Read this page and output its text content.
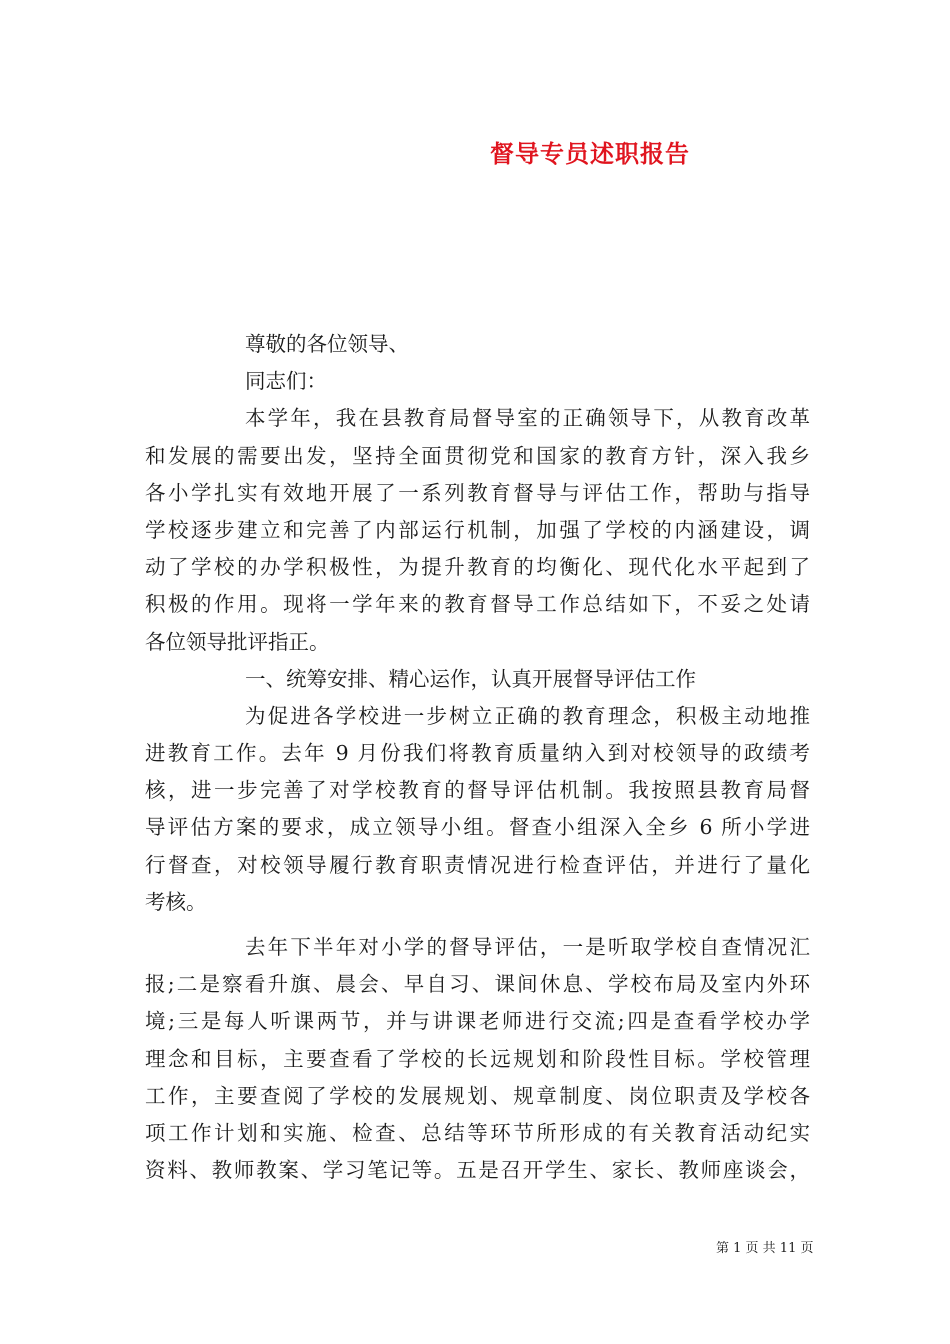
督导专员述职报告
尊敬的各位领导、
同志们：
本学年，我在县教育局督导室的正确领导下，从教育改革
和发展的需要出发，坚持全面贯彻党和国家的教育方针，深入我乡
各小学扎实有效地开展了一系列教育督导与评估工作，帮助与指导
学校逐步建立和完善了内部运行机制，加强了学校的内涵建设，调
动了学校的办学积极性，为提升教育的均衡化、现代化水平起到了
积极的作用。现将一学年来的教育督导工作总结如下，不妥之处请
各位领导批评指正。
一、统筹安排、精心运作，认真开展督导评估工作
为促进各学校进一步树立正确的教育理念，积极主动地推
进教育工作。去年 9 月份我们将教育质量纳入到对校领导的政绩考
核，进一步完善了对学校教育的督导评估机制。我按照县教育局督
导评估方案的要求，成立领导小组。督查小组深入全乡 6 所小学进
行督查，对校领导履行教育职责情况进行检查评估，并进行了量化
考核。
去年下半年对小学的督导评估，一是听取学校自查情况汇
报;二是察看升旗、晨会、早自习、课间休息、学校布局及室内外环
境;三是每人听课两节，并与讲课老师进行交流;四是查看学校办学
理念和目标，主要查看了学校的长远规划和阶段性目标。学校管理
工作，主要查阅了学校的发展规划、规章制度、岗位职责及学校各
项工作计划和实施、检查、总结等环节所形成的有关教育活动纪实
资料、教师教案、学习笔记等。五是召开学生、家长、教师座谈会，
第 1 页 共 11 页
